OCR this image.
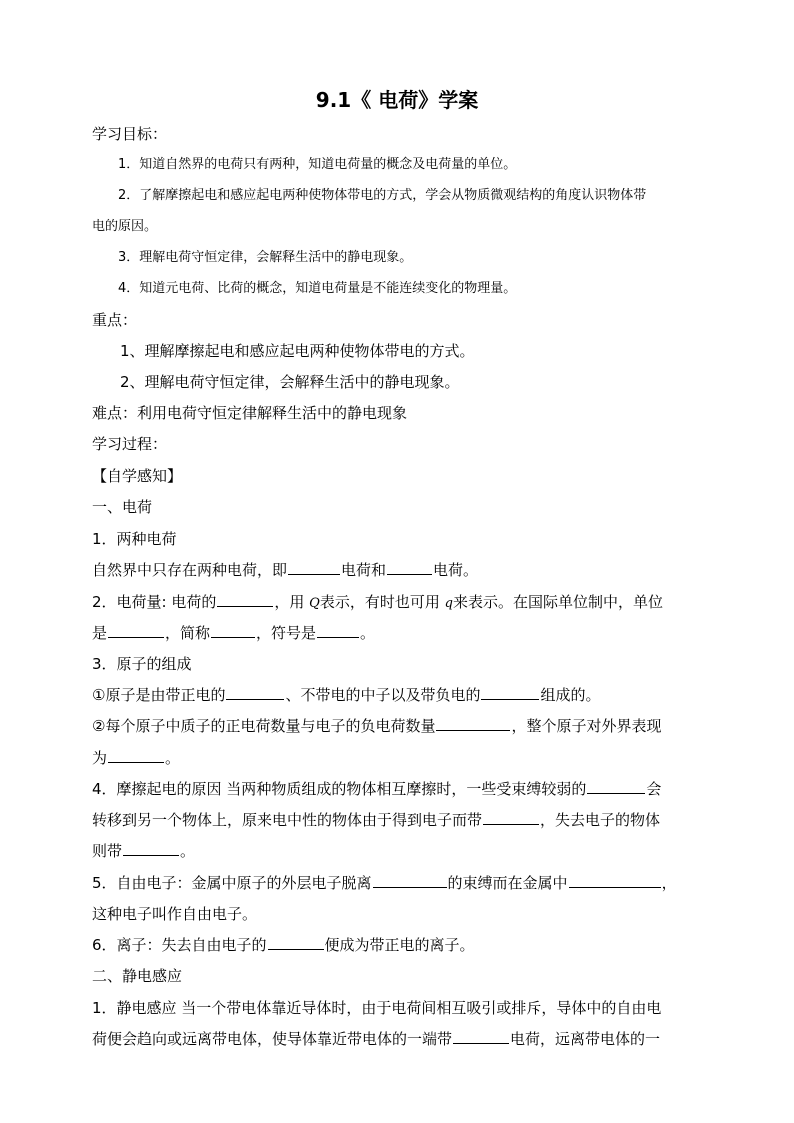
9.1《 电荷》学案
学习目标：
1．知道自然界的电荷只有两种，知道电荷量的概念及电荷量的单位。
2．了解摩擦起电和感应起电两种使物体带电的方式，学会从物质微观结构的角度认识物体带
电的原因。
3．理解电荷守恒定律，会解释生活中的静电现象。
4．知道元电荷、比荷的概念，知道电荷量是不能连续变化的物理量。
重点：
1、理解摩擦起电和感应起电两种使物体带电的方式。
2、理解电荷守恒定律，会解释生活中的静电现象。
难点：利用电荷守恒定律解释生活中的静电现象
学习过程：
【自学感知】
一、电荷
1．两种电荷
自然界中只存在两种电荷，即	电荷和	电荷。
2．电荷量: 电荷的	，用 Q表示，有时也可用 q来表示。在国际单位制中，单位
是	，简称	，符号是	。
3．原子的组成
①原子是由带正电的	、不带电的中子以及带负电的	组成的。
②每个原子中质子的正电荷数量与电子的负电荷数量	，整个原子对外界表现
为	。
4．摩擦起电的原因 当两种物质组成的物体相互摩擦时，一些受束缚较弱的	会
转移到另一个物体上，原来电中性的物体由于得到电子而带	，失去电子的物体
则带	。
5．自由电子：金属中原子的外层电子脱离	的束缚而在金属中	，
这种电子叫作自由电子。
6．离子：失去自由电子的	便成为带正电的离子。
二、静电感应
1．静电感应 当一个带电体靠近导体时，由于电荷间相互吸引或排斥，导体中的自由电
荷便会趋向或远离带电体，使导体靠近带电体的一端带	电荷，远离带电体的一
